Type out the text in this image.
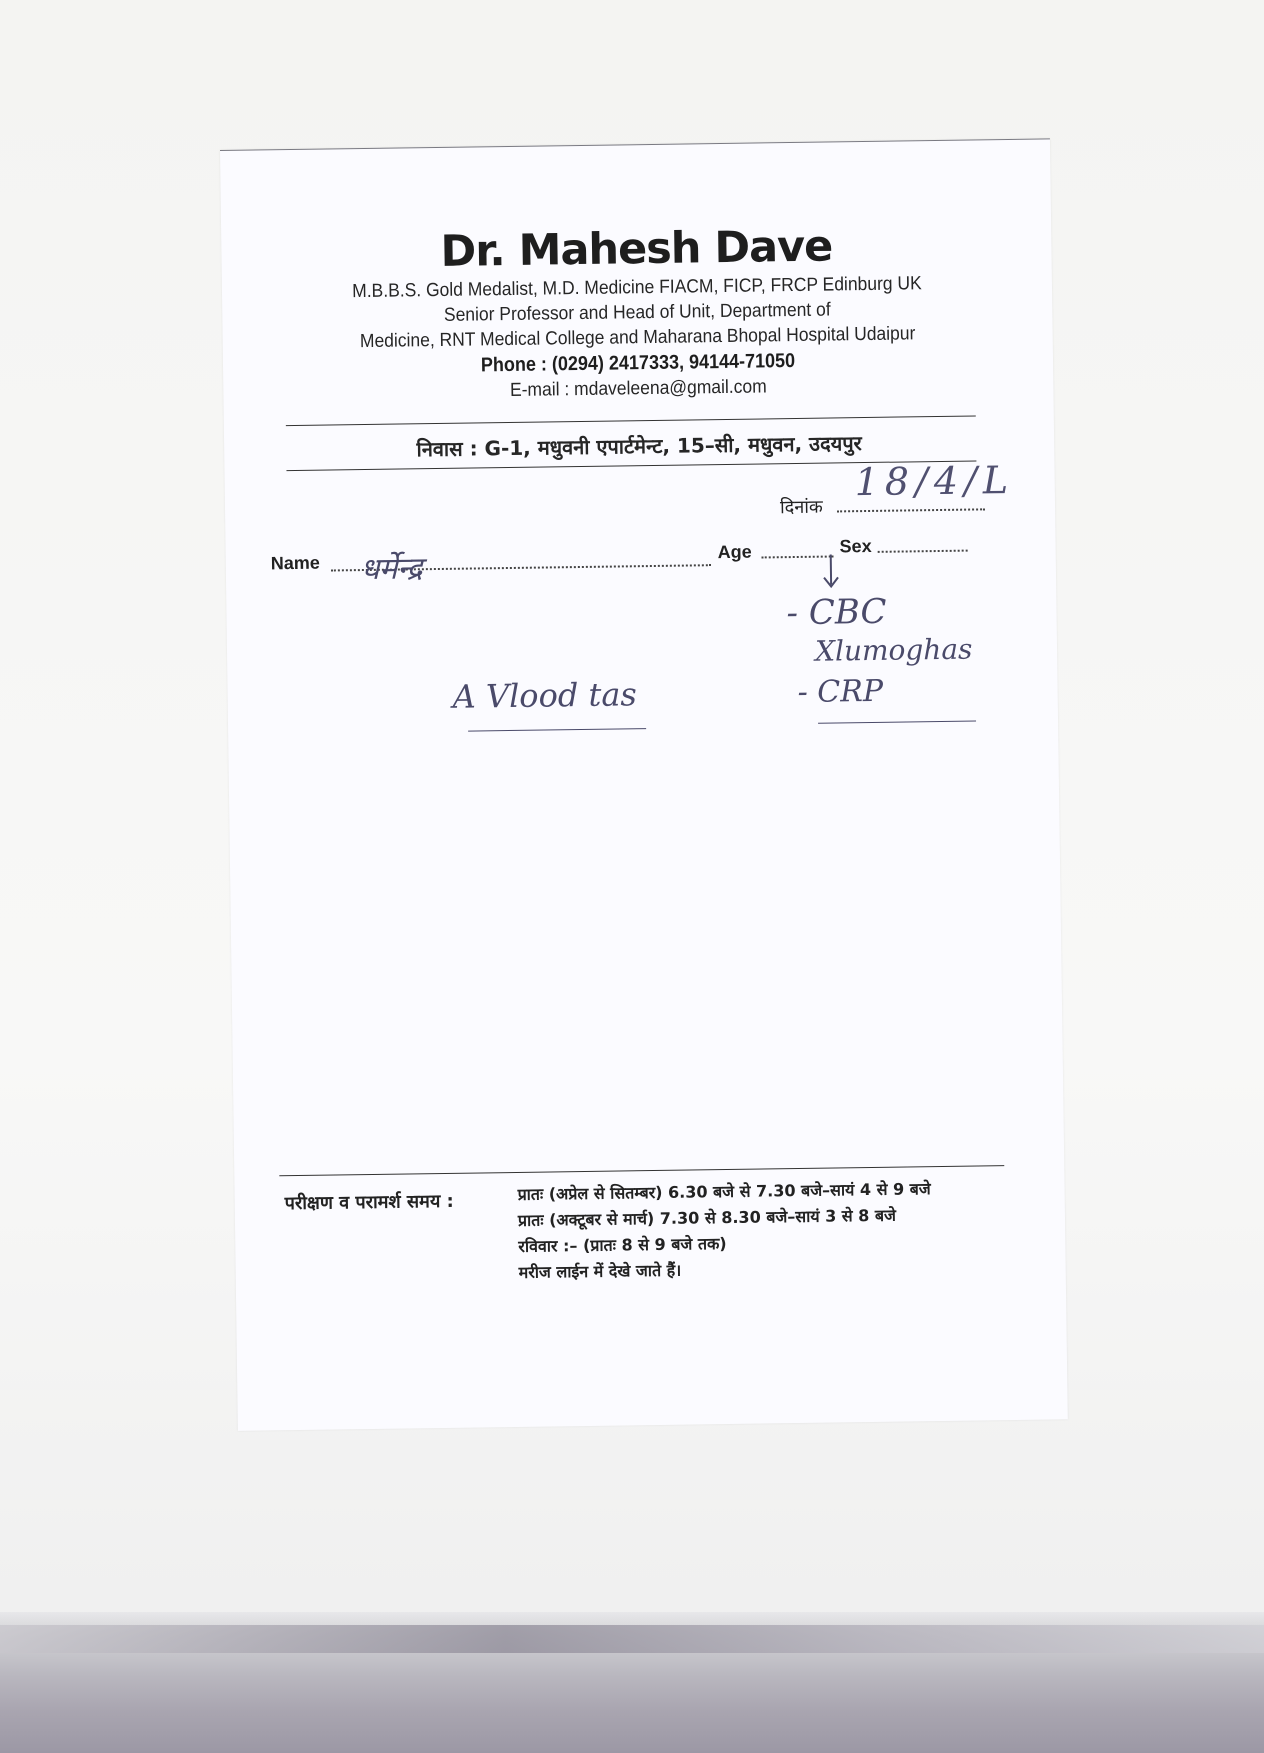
Dr. Mahesh Dave
M.B.B.S. Gold Medalist, M.D. Medicine FIACM, FICP, FRCP Edinburg UK
Senior Professor and Head of Unit, Department of
Medicine, RNT Medical College and Maharana Bhopal Hospital Udaipur
Phone : (0294) 2417333, 94144-71050
E-mail : mdaveleena@gmail.com
निवास : G-1, मधुवनी एपार्टमेन्ट, 15–सी, मधुवन, उदयपुर
दिनांक
18/4/L
Name धर्मेन्द्र	Age	Sex
- CBC
Xlumoghas
- CRP
A Vlood tas
परीक्षण व परामर्श समय :	प्रातः (अप्रेल से सितम्बर) 6.30 बजे से 7.30 बजे–सायं 4 से 9 बजे
प्रातः (अक्टूबर से मार्च) 7.30 से 8.30 बजे–सायं 3 से 8 बजे
रविवार :– (प्रातः 8 से 9 बजे तक)
मरीज लाईन में देखे जाते हैं।
